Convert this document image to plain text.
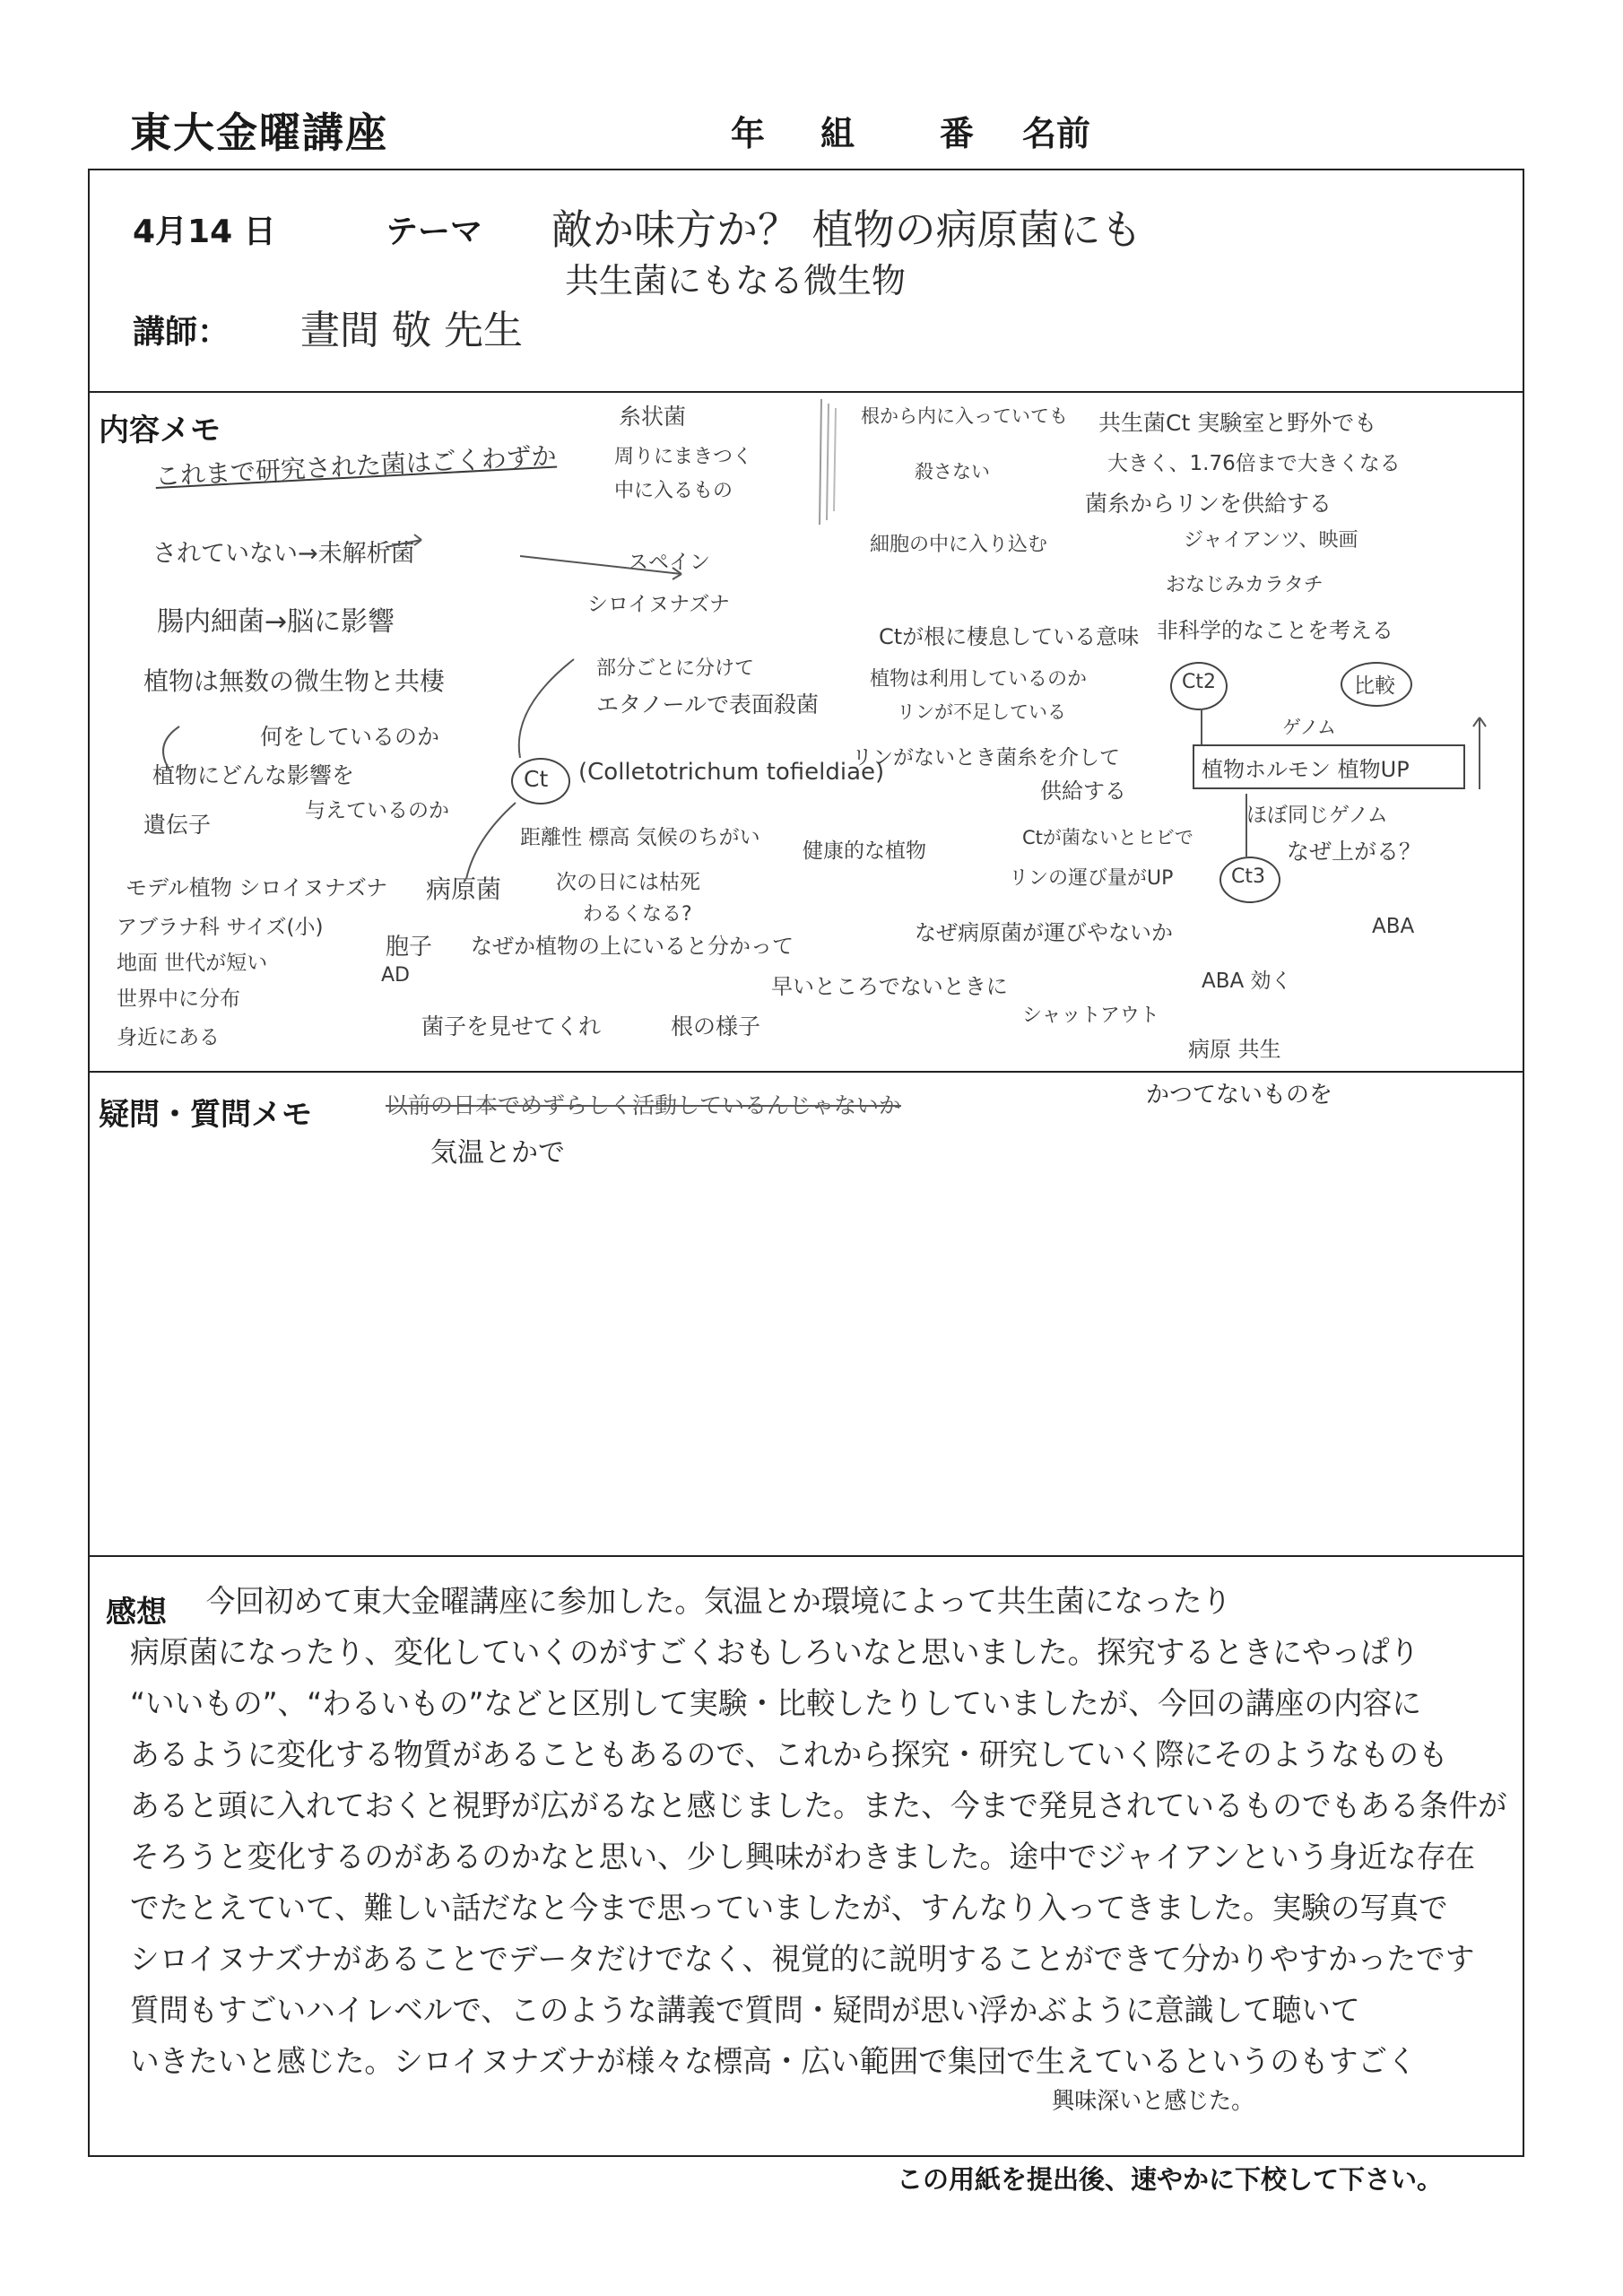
東大金曜講座	年 組 番 名前
4月14 日	テーマ 敵か味方か？ 植物の病原菌にも
共生菌にもなる微生物
講師： 晝間 敬 先生
内容メモ
これまで研究された菌はごくわずか
されていない→未解析菌
腸内細菌→脳に影響
植物は無数の微生物と共棲
何をしているのか
植物にどんな影響を
与えているのか
遺伝子
モデル植物 シロイヌナズナ
アブラナ科 サイズ(小)
地面 世代が短い
世界中に分布
身近にある
糸状菌
周りにまきつく
中に入るもの
スペイン
シロイヌナズナ
部分ごとに分けて
エタノールで表面殺菌
Ct (Colletotrichum tofieldiae)
距離性 標高 気候のちがい
病原菌	次の日には枯死
わるくなる?
胞子 なぜか植物の上にいると分かって
AD
菌子を見せてくれ	根の様子
健康的な植物
早いところでないときに
根から内に入っていても
殺さない
細胞の中に入り込む
Ctが根に棲息している意味
植物は利用しているのか
リンが不足している
リンがないとき菌糸を介して
供給する
共生菌Ct 実験室と野外でも
大きく、1.76倍まで大きくなる
菌糸からリンを供給する
ジャイアンツ、映画
おなじみカラタチ
非科学的なことを考える
Ct2	比較
ゲノム
植物ホルモン 植物UP
ほぼ同じゲノム
Ctが菌ないとヒビで
リンの運び量がUP	Ct3
なぜ上がる？
なぜ病原菌が運びやないか	ABA
ABA 効く
シャットアウト
病原 共生
疑問・質問メモ	以前の日本でめずらしく活動しているんじゃないか
気温とかで
かつてないものを
感想	今回初めて東大金曜講座に参加した。気温とか環境によって共生菌になったり
病原菌になったり、変化していくのがすごくおもしろいなと思いました。探究するときにやっぱり
“いいもの”、“わるいもの”などと区別して実験・比較したりしていましたが、今回の講座の内容に
あるように変化する物質があることもあるので、これから探究・研究していく際にそのようなものも
あると頭に入れておくと視野が広がるなと感じました。また、今まで発見されているものでもある条件が
そろうと変化するのがあるのかなと思い、少し興味がわきました。途中でジャイアンという身近な存在
でたとえていて、難しい話だなと今まで思っていましたが、すんなり入ってきました。実験の写真で
シロイヌナズナがあることでデータだけでなく、視覚的に説明することができて分かりやすかったです
質問もすごいハイレベルで、このような講義で質問・疑問が思い浮かぶように意識して聴いて
いきたいと感じた。シロイヌナズナが様々な標高・広い範囲で集団で生えているというのもすごく
興味深いと感じた。
この用紙を提出後、速やかに下校して下さい。
